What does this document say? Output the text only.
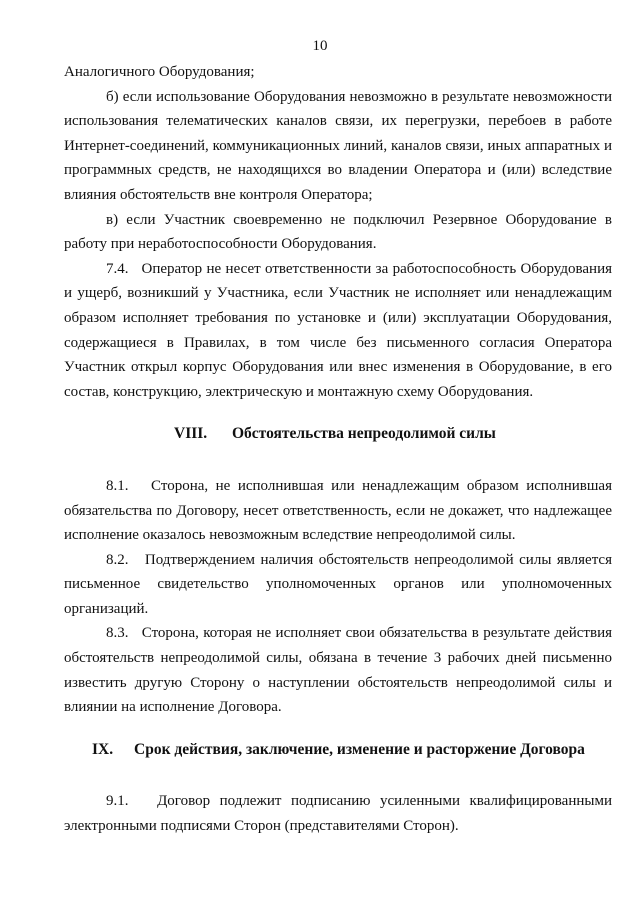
10

Аналогичного Оборудования;

б) если использование Оборудования невозможно в результате невозможности использования телематических каналов связи, их перегрузки, перебоев в работе Интернет-соединений, коммуникационных линий, каналов связи, иных аппаратных и программных средств, не находящихся во владении Оператора и (или) вследствие влияния обстоятельств вне контроля Оператора;

в) если Участник своевременно не подключил Резервное Оборудование в работу при неработоспособности Оборудования.

7.4.   Оператор не несет ответственности за работоспособность Оборудования и ущерб, возникший у Участника, если Участник не исполняет или ненадлежащим образом исполняет требования по установке и (или) эксплуатации Оборудования, содержащиеся в Правилах, в том числе без письменного согласия Оператора Участник открыл корпус Оборудования или внес изменения в Оборудование, в его состав, конструкцию, электрическую и монтажную схему Оборудования.

VIII. Обстоятельства непреодолимой силы

8.1.   Сторона, не исполнившая или ненадлежащим образом исполнившая обязательства по Договору, несет ответственность, если не докажет, что надлежащее исполнение оказалось невозможным вследствие непреодолимой силы.

8.2.   Подтверждением наличия обстоятельств непреодолимой силы является письменное свидетельство уполномоченных органов или уполномоченных организаций.

8.3.   Сторона, которая не исполняет свои обязательства в результате действия обстоятельств непреодолимой силы, обязана в течение 3 рабочих дней письменно известить другую Сторону о наступлении обстоятельств непреодолимой силы и влиянии на исполнение Договора.

IX. Срок действия, заключение, изменение и расторжение Договора

9.1.   Договор подлежит подписанию усиленными квалифицированными электронными подписями Сторон (представителями Сторон).
